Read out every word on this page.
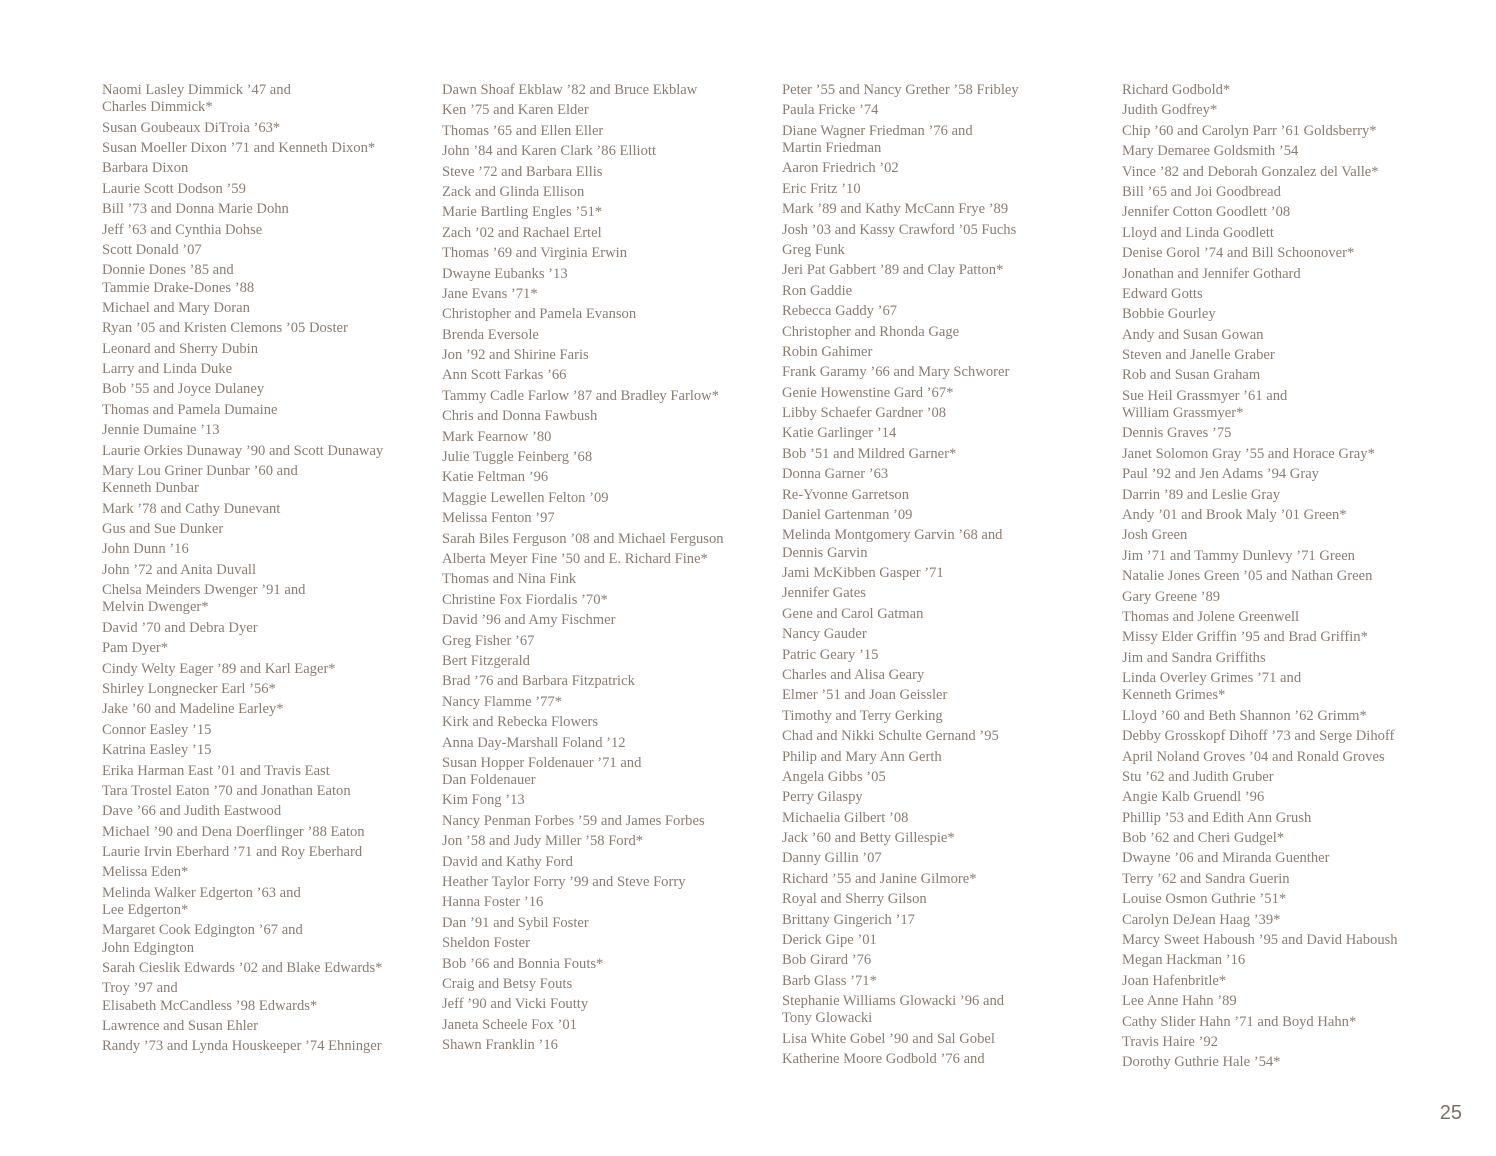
Naomi Lasley Dimmick ’47 and
Charles Dimmick*
Susan Goubeaux DiTroia ’63*
Susan Moeller Dixon ’71 and Kenneth Dixon*
Barbara Dixon
Laurie Scott Dodson ’59
Bill ’73 and Donna Marie Dohn
Jeff ’63 and Cynthia Dohse
Scott Donald ’07
Donnie Dones ’85 and
Tammie Drake-Dones ’88
Michael and Mary Doran
Ryan ’05 and Kristen Clemons ’05 Doster
Leonard and Sherry Dubin
Larry and Linda Duke
Bob ’55 and Joyce Dulaney
Thomas and Pamela Dumaine
Jennie Dumaine ’13
Laurie Orkies Dunaway ’90 and Scott Dunaway
Mary Lou Griner Dunbar ’60 and
Kenneth Dunbar
Mark ’78 and Cathy Dunevant
Gus and Sue Dunker
John Dunn ’16
John ’72 and Anita Duvall
Chelsa Meinders Dwenger ’91 and
Melvin Dwenger*
David ’70 and Debra Dyer
Pam Dyer*
Cindy Welty Eager ’89 and Karl Eager*
Shirley Longnecker Earl ’56*
Jake ’60 and Madeline Earley*
Connor Easley ’15
Katrina Easley ’15
Erika Harman East ’01 and Travis East
Tara Trostel Eaton ’70 and Jonathan Eaton
Dave ’66 and Judith Eastwood
Michael ’90 and Dena Doerflinger ’88 Eaton
Laurie Irvin Eberhard ’71 and Roy Eberhard
Melissa Eden*
Melinda Walker Edgerton ’63 and
Lee Edgerton*
Margaret Cook Edgington ’67 and
John Edgington
Sarah Cieslik Edwards ’02 and Blake Edwards*
Troy ’97 and
Elisabeth McCandless ’98 Edwards*
Lawrence and Susan Ehler
Randy ’73 and Lynda Houskeeper ’74 Ehninger
Dawn Shoaf Ekblaw ’82 and Bruce Ekblaw
Ken ’75 and Karen Elder
Thomas ’65 and Ellen Eller
John ’84 and Karen Clark ’86 Elliott
Steve ’72 and Barbara Ellis
Zack and Glinda Ellison
Marie Bartling Engles ’51*
Zach ’02 and Rachael Ertel
Thomas ’69 and Virginia Erwin
Dwayne Eubanks ’13
Jane Evans ’71*
Christopher and Pamela Evanson
Brenda Eversole
Jon ’92 and Shirine Faris
Ann Scott Farkas ’66
Tammy Cadle Farlow ’87 and Bradley Farlow*
Chris and Donna Fawbush
Mark Fearnow ’80
Julie Tuggle Feinberg ’68
Katie Feltman ’96
Maggie Lewellen Felton ’09
Melissa Fenton ’97
Sarah Biles Ferguson ’08 and Michael Ferguson
Alberta Meyer Fine ’50 and E. Richard Fine*
Thomas and Nina Fink
Christine Fox Fiordalis ’70*
David ’96 and Amy Fischmer
Greg Fisher ’67
Bert Fitzgerald
Brad ’76 and Barbara Fitzpatrick
Nancy Flamme ’77*
Kirk and Rebecka Flowers
Anna Day-Marshall Foland ’12
Susan Hopper Foldenauer ’71 and
Dan Foldenauer
Kim Fong ’13
Nancy Penman Forbes ’59 and James Forbes
Jon ’58 and Judy Miller ’58 Ford*
David and Kathy Ford
Heather Taylor Forry ’99 and Steve Forry
Hanna Foster ’16
Dan ’91 and Sybil Foster
Sheldon Foster
Bob ’66 and Bonnia Fouts*
Craig and Betsy Fouts
Jeff ’90 and Vicki Foutty
Janeta Scheele Fox ’01
Shawn Franklin ’16
Peter ’55 and Nancy Grether ’58 Fribley
Paula Fricke ’74
Diane Wagner Friedman ’76 and
Martin Friedman
Aaron Friedrich ’02
Eric Fritz ’10
Mark ’89 and Kathy McCann Frye ’89
Josh ’03 and Kassy Crawford ’05 Fuchs
Greg Funk
Jeri Pat Gabbert ’89 and Clay Patton*
Ron Gaddie
Rebecca Gaddy ’67
Christopher and Rhonda Gage
Robin Gahimer
Frank Garamy ’66 and Mary Schworer
Genie Howenstine Gard ’67*
Libby Schaefer Gardner ’08
Katie Garlinger ’14
Bob ’51 and Mildred Garner*
Donna Garner ’63
Re-Yvonne Garretson
Daniel Gartenman ’09
Melinda Montgomery Garvin ’68 and
Dennis Garvin
Jami McKibben Gasper ’71
Jennifer Gates
Gene and Carol Gatman
Nancy Gauder
Patric Geary ’15
Charles and Alisa Geary
Elmer ’51 and Joan Geissler
Timothy and Terry Gerking
Chad and Nikki Schulte Gernand ’95
Philip and Mary Ann Gerth
Angela Gibbs ’05
Perry Gilaspy
Michaelia Gilbert ’08
Jack ’60 and Betty Gillespie*
Danny Gillin ’07
Richard ’55 and Janine Gilmore*
Royal and Sherry Gilson
Brittany Gingerich ’17
Derick Gipe ’01
Bob Girard ’76
Barb Glass ’71*
Stephanie Williams Glowacki ’96 and
Tony Glowacki
Lisa White Gobel ’90 and Sal Gobel
Katherine Moore Godbold ’76 and
Richard Godbold*
Judith Godfrey*
Chip ’60 and Carolyn Parr ’61 Goldsberry*
Mary Demaree Goldsmith ’54
Vince ’82 and Deborah Gonzalez del Valle*
Bill ’65 and Joi Goodbread
Jennifer Cotton Goodlett ’08
Lloyd and Linda Goodlett
Denise Gorol ’74 and Bill Schoonover*
Jonathan and Jennifer Gothard
Edward Gotts
Bobbie Gourley
Andy and Susan Gowan
Steven and Janelle Graber
Rob and Susan Graham
Sue Heil Grassmyer ’61 and
William Grassmyer*
Dennis Graves ’75
Janet Solomon Gray ’55 and Horace Gray*
Paul ’92 and Jen Adams ’94 Gray
Darrin ’89 and Leslie Gray
Andy ’01 and Brook Maly ’01 Green*
Josh Green
Jim ’71 and Tammy Dunlevy ’71 Green
Natalie Jones Green ’05 and Nathan Green
Gary Greene ’89
Thomas and Jolene Greenwell
Missy Elder Griffin ’95 and Brad Griffin*
Jim and Sandra Griffiths
Linda Overley Grimes ’71 and
Kenneth Grimes*
Lloyd ’60 and Beth Shannon ’62 Grimm*
Debby Grosskopf Dihoff ’73 and Serge Dihoff
April Noland Groves ’04 and Ronald Groves
Stu ’62 and Judith Gruber
Angie Kalb Gruendl ’96
Phillip ’53 and Edith Ann Grush
Bob ’62 and Cheri Gudgel*
Dwayne ’06 and Miranda Guenther
Terry ’62 and Sandra Guerin
Louise Osmon Guthrie ’51*
Carolyn DeJean Haag ’39*
Marcy Sweet Haboush ’95 and David Haboush
Megan Hackman ’16
Joan Hafenbritle*
Lee Anne Hahn ’89
Cathy Slider Hahn ’71 and Boyd Hahn*
Travis Haire ’92
Dorothy Guthrie Hale ’54*
25
